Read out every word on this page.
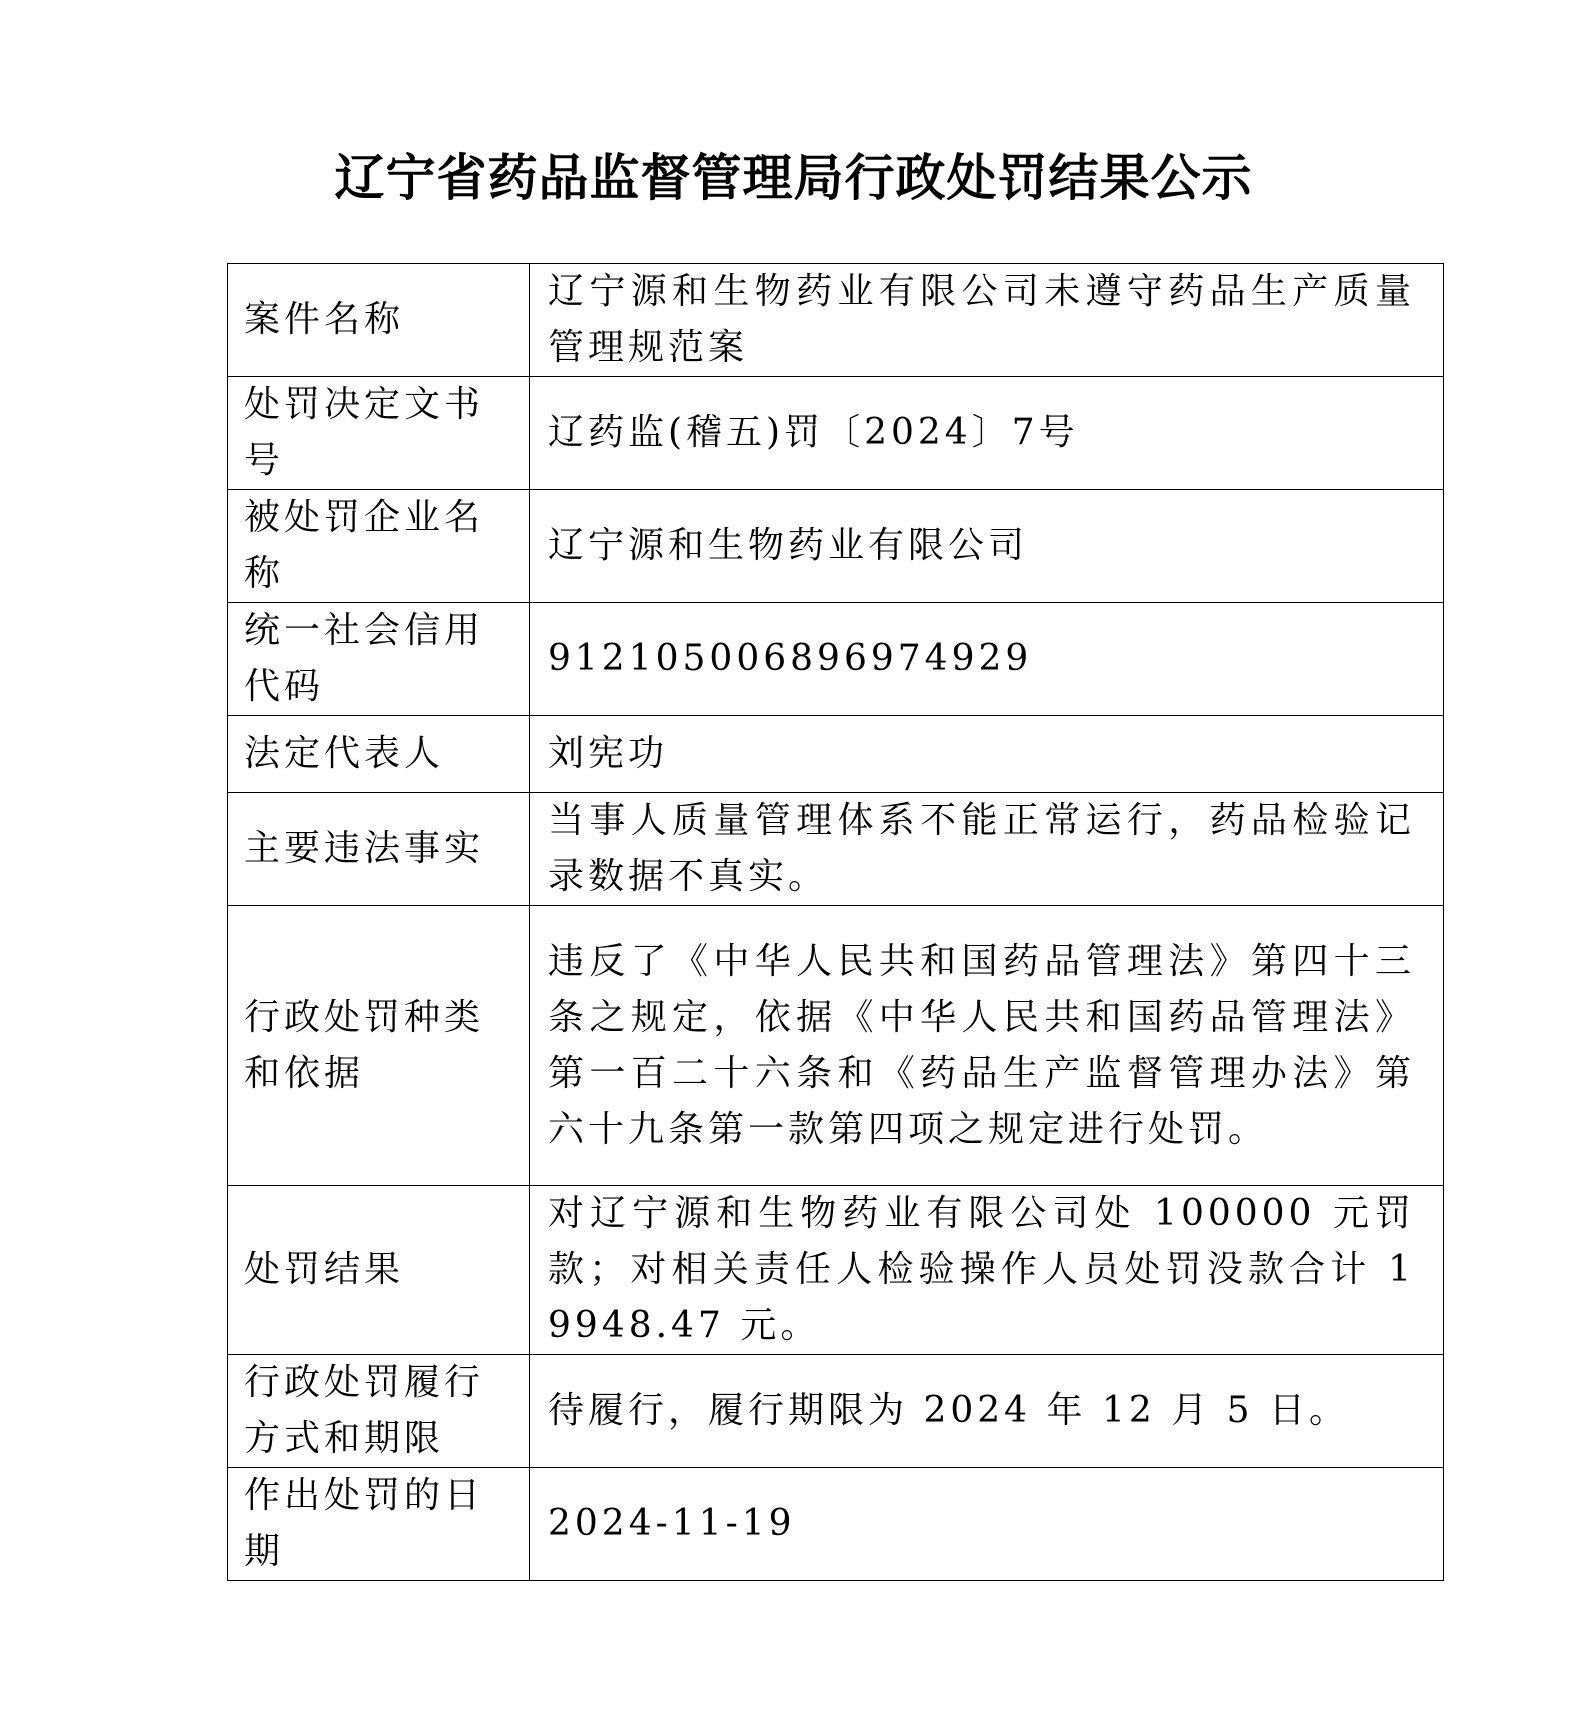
辽宁省药品监督管理局行政处罚结果公示
案件名称	辽宁源和生物药业有限公司未遵守药品生产质量管理规范案
处罚决定文书号	辽药监(稽五)罚〔2024〕7号
被处罚企业名称	辽宁源和生物药业有限公司
统一社会信用代码	912105006896974929
法定代表人	刘宪功
主要违法事实	当事人质量管理体系不能正常运行，药品检验记录数据不真实。
行政处罚种类和依据	违反了《中华人民共和国药品管理法》第四十三条之规定，依据《中华人民共和国药品管理法》第一百二十六条和《药品生产监督管理办法》第六十九条第一款第四项之规定进行处罚。
处罚结果	对辽宁源和生物药业有限公司处 100000 元罚款；对相关责任人检验操作人员处罚没款合计 19948.47 元。
行政处罚履行方式和期限	待履行，履行期限为 2024 年 12 月 5 日。
作出处罚的日期	2024-11-19
